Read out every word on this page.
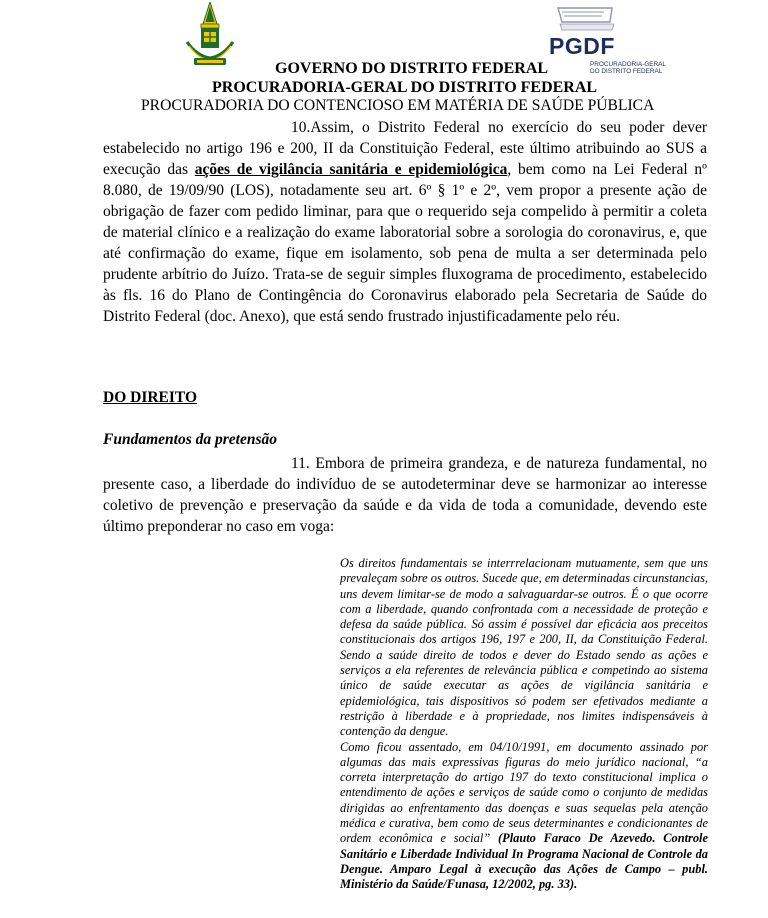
PGDF
PROCURADORIA-GERAL
DO DISTRITO FEDERAL
GOVERNO DO DISTRITO FEDERAL
PROCURADORIA-GERAL DO DISTRITO FEDERAL
PROCURADORIA DO CONTENCIOSO EM MATÉRIA DE SAÚDE PÚBLICA
10.Assim, o Distrito Federal no exercício do seu poder dever estabelecido no artigo 196 e 200, II da Constituição Federal, este último atribuindo ao SUS a execução das ações de vigilância sanitária e epidemiológica, bem como na Lei Federal nº 8.080, de 19/09/90 (LOS), notadamente seu art. 6º § 1º e 2º, vem propor a presente ação de obrigação de fazer com pedido liminar, para que o requerido seja compelido à permitir a coleta de material clínico e a realização do exame laboratorial sobre a sorologia do coronavirus, e, que até confirmação do exame, fique em isolamento, sob pena de multa a ser determinada pelo prudente arbítrio do Juízo. Trata-se de seguir simples fluxograma de procedimento, estabelecido às fls. 16 do Plano de Contingência do Coronavirus elaborado pela Secretaria de Saúde do Distrito Federal (doc. Anexo), que está sendo frustrado injustificadamente pelo réu.
DO DIREITO
Fundamentos da pretensão
11. Embora de primeira grandeza, e de natureza fundamental, no presente caso, a liberdade do indivíduo de se autodeterminar deve se harmonizar ao interesse coletivo de prevenção e preservação da saúde e da vida de toda a comunidade, devendo este último preponderar no caso em voga:
Os direitos fundamentais se interrrelacionam mutuamente, sem que uns prevaleçam sobre os outros. Sucede que, em determinadas circunstancias, uns devem limitar-se de modo a salvaguardar-se outros. É o que ocorre com a liberdade, quando confrontada com a necessidade de proteção e defesa da saúde pública. Só assim é possível dar eficácia aos preceitos constitucionais dos artigos 196, 197 e 200, II, da Constituição Federal. Sendo a saúde direito de todos e dever do Estado sendo as ações e serviços a ela referentes de relevância pública e competindo ao sistema único de saúde executar as ações de vigilância sanitária e epidemiológica, tais dispositivos só podem ser efetivados mediante a restrição à liberdade e à propriedade, nos limites indispensáveis à contenção da dengue.
Como ficou assentado, em 04/10/1991, em documento assinado por algumas das mais expressivas figuras do meio jurídico nacional, “a correta interpretação do artigo 197 do texto constitucional implica o entendimento de ações e serviços de saúde como o conjunto de medidas dirigidas ao enfrentamento das doenças e suas sequelas pela atenção médica e curativa, bem como de seus determinantes e condicionantes de ordem econômica e social” (Plauto Faraco De Azevedo. Controle Sanitário e Liberdade Individual In Programa Nacional de Controle da Dengue. Amparo Legal à execução das Ações de Campo – publ. Ministério da Saúde/Funasa, 12/2002, pg. 33).
